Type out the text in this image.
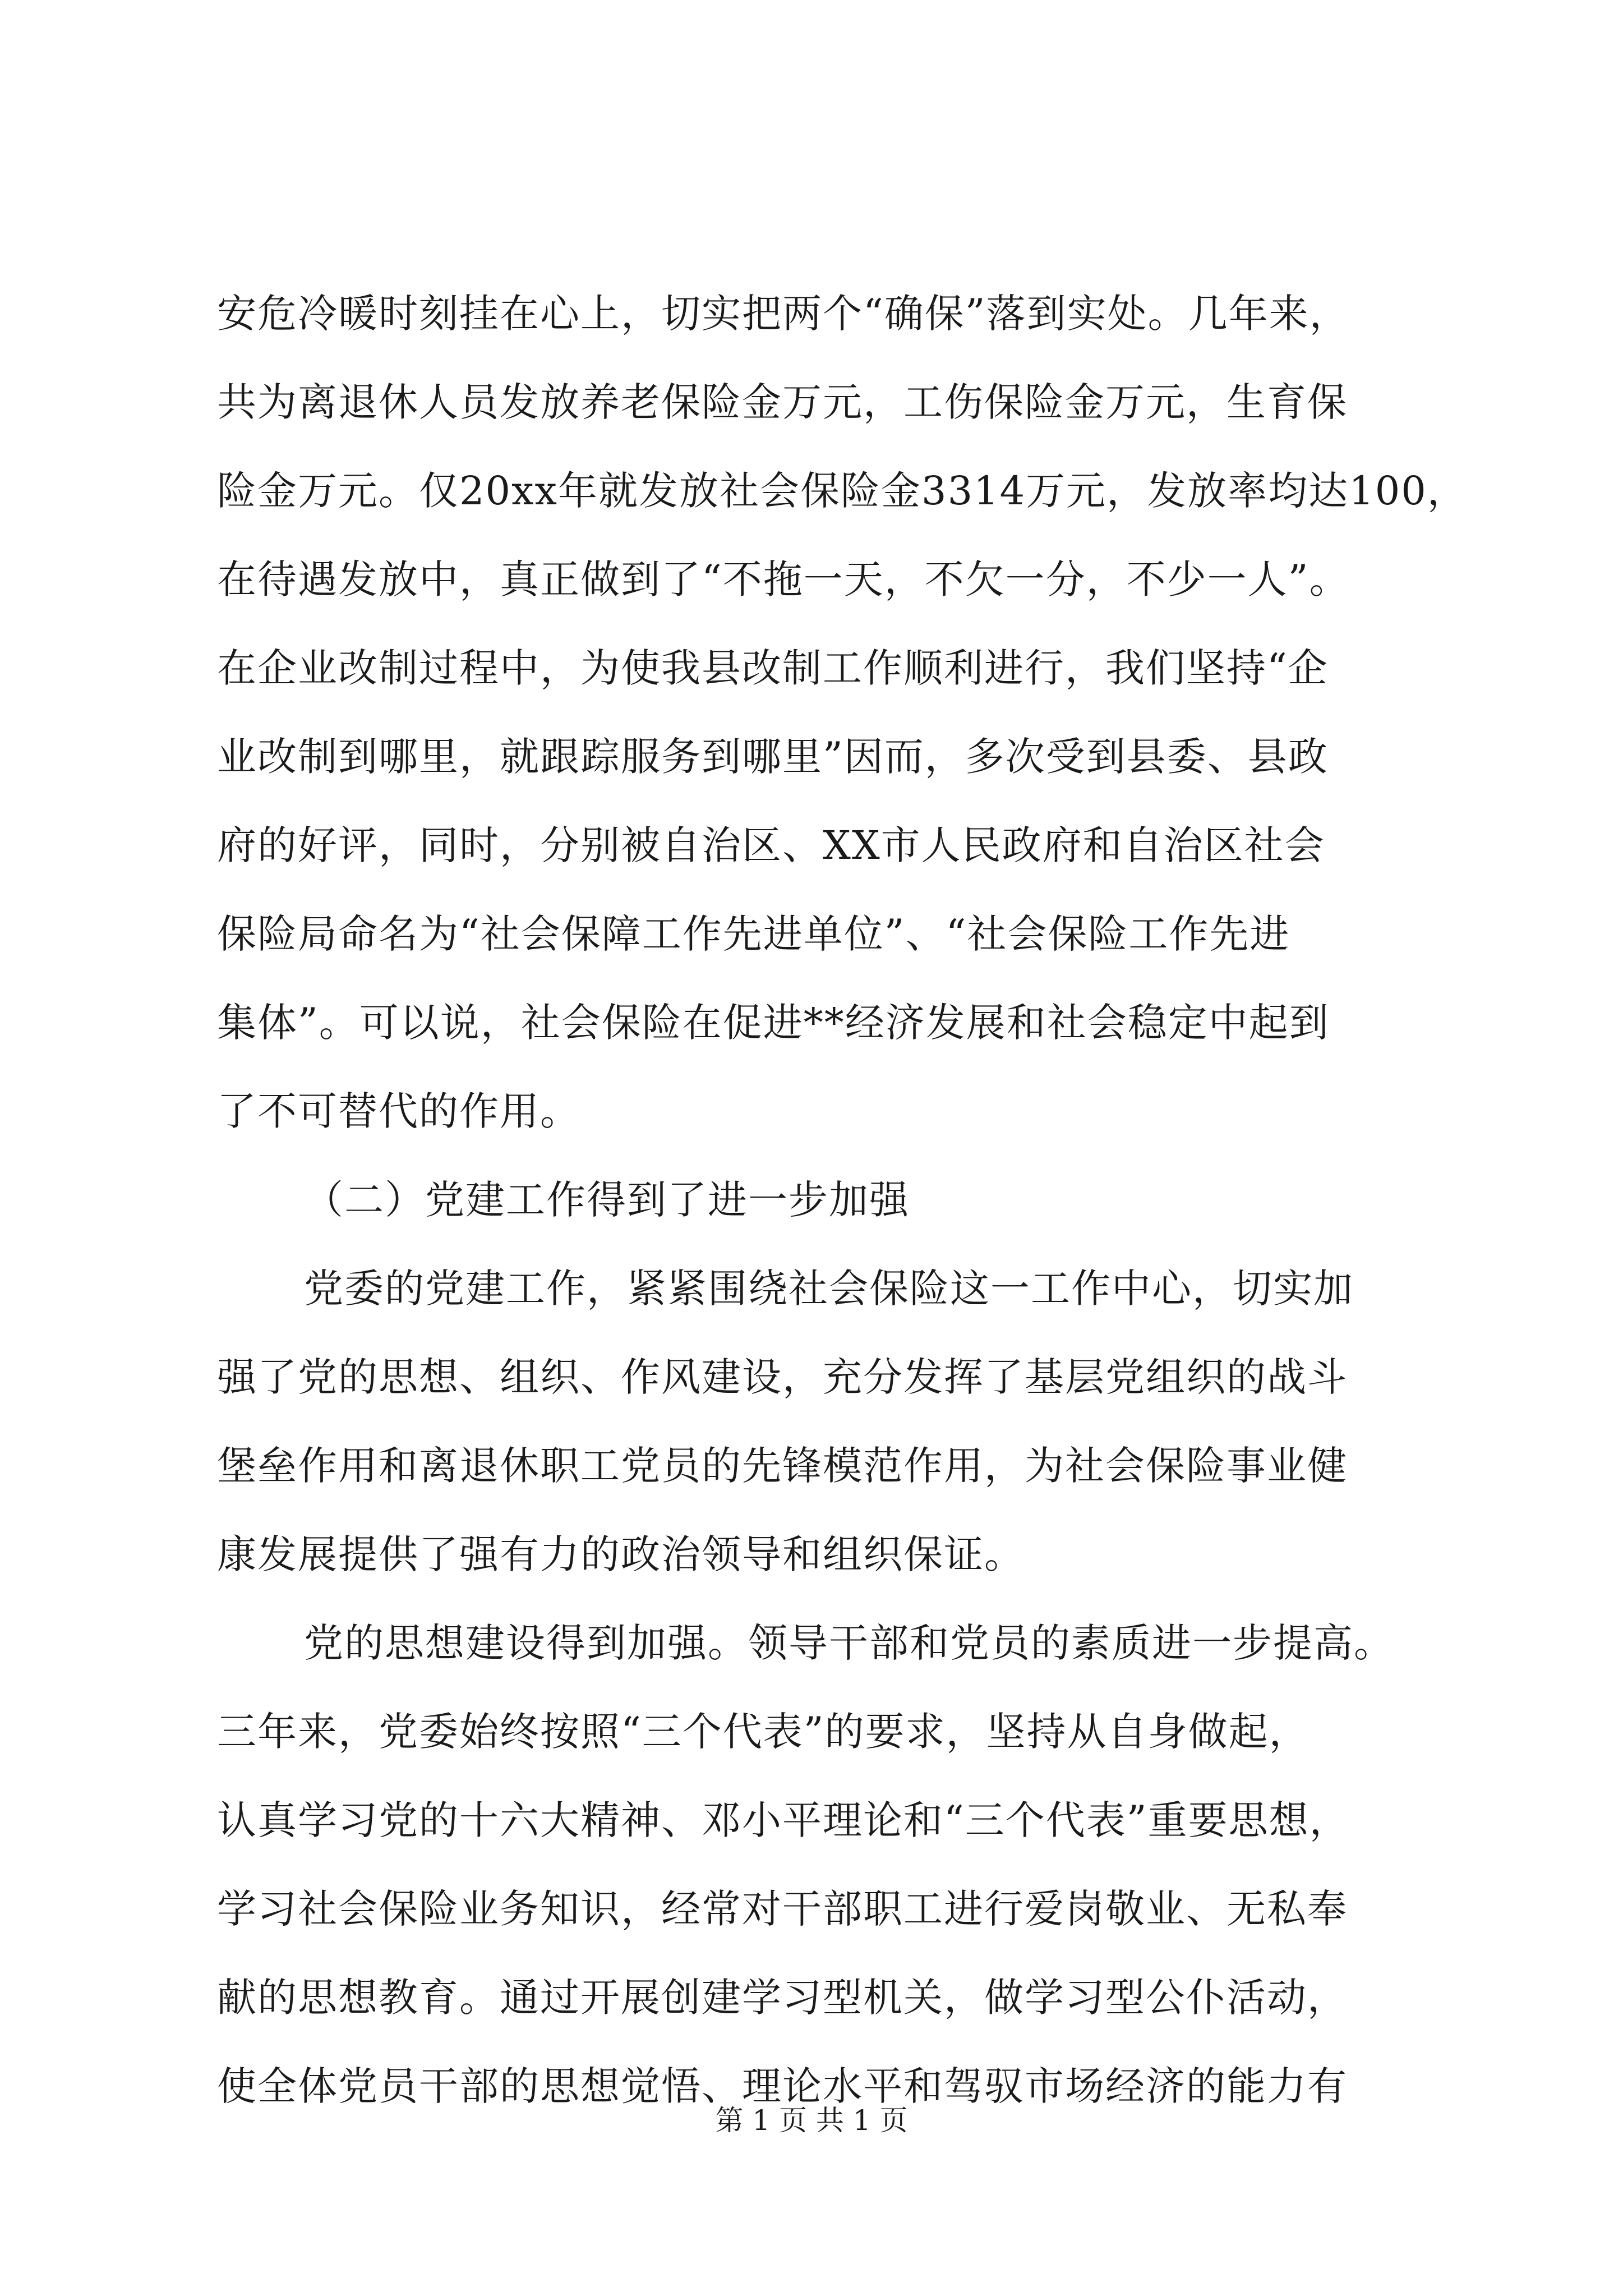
安危冷暖时刻挂在心上，切实把两个“确保”落到实处。几年来，
共为离退休人员发放养老保险金万元，工伤保险金万元，生育保
险金万元。仅20xx年就发放社会保险金3314万元，发放率均达100，
在待遇发放中，真正做到了“不拖一天，不欠一分，不少一人”。
在企业改制过程中，为使我县改制工作顺利进行，我们坚持“企
业改制到哪里，就跟踪服务到哪里”因而，多次受到县委、县政
府的好评，同时，分别被自治区、XX市人民政府和自治区社会
保险局命名为“社会保障工作先进单位”、“社会保险工作先进
集体”。可以说，社会保险在促进**经济发展和社会稳定中起到
了不可替代的作用。
（二）党建工作得到了进一步加强
党委的党建工作，紧紧围绕社会保险这一工作中心，切实加
强了党的思想、组织、作风建设，充分发挥了基层党组织的战斗
堡垒作用和离退休职工党员的先锋模范作用，为社会保险事业健
康发展提供了强有力的政治领导和组织保证。
党的思想建设得到加强。领导干部和党员的素质进一步提高。
三年来，党委始终按照“三个代表”的要求，坚持从自身做起，
认真学习党的十六大精神、邓小平理论和“三个代表”重要思想，
学习社会保险业务知识，经常对干部职工进行爱岗敬业、无私奉
献的思想教育。通过开展创建学习型机关，做学习型公仆活动，
使全体党员干部的思想觉悟、理论水平和驾驭市场经济的能力有
第 1 页 共 1 页
